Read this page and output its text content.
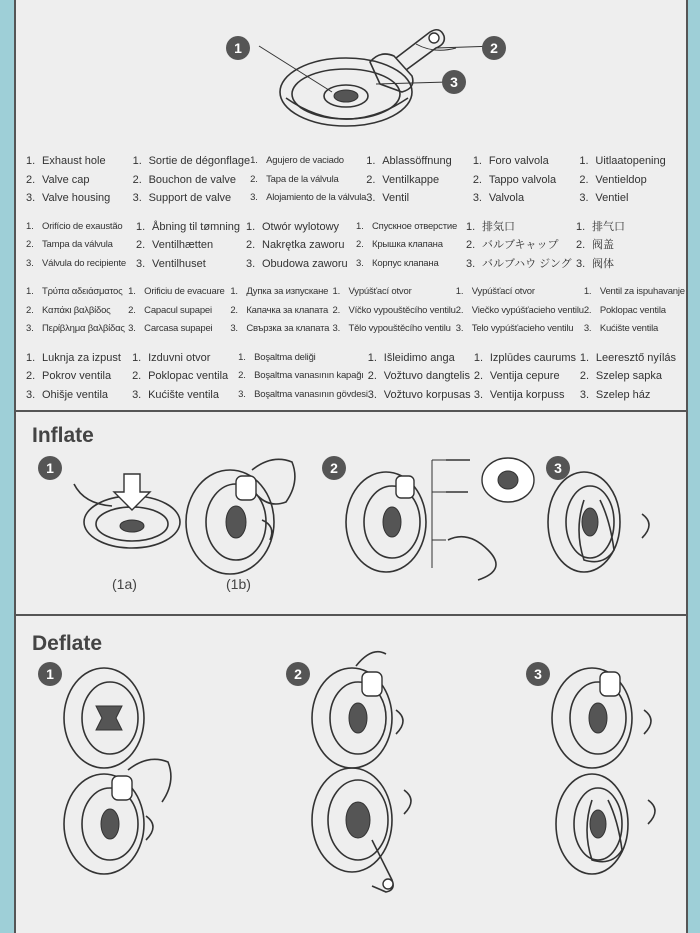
1	2
3
1. Exhaust hole
2. Valve cap
3. Valve housing
1. Sortie de dégonflage
2. Bouchon de valve
3. Support de valve
1. Agujero de vaciado
2. Tapa de la válvula
3. Alojamiento de la válvula
1. Ablassöffnung
2. Ventilkappe
3. Ventil
1. Foro valvola
2. Tappo valvola
3. Valvola
1. Uitlaatopening
2. Ventieldop
3. Ventiel
1. Orifício de exaustão
2. Tampa da válvula
3. Válvula do recipiente
1. Åbning til tømning
2. Ventilhætten
3. Ventilhuset
1. Otwór wylotowy
2. Nakrętka zaworu
3. Obudowa zaworu
1. Спускное отверстие
2. Крышка клапана
3. Корпус клапана
1. 排気口
2. バルブキャップ
3. バルブハウ ジング
1. 排气口
2. 阀盖
3. 阀体
1. Τρύπα αδειάσματος
2. Καπάκι βαλβίδος
3. Περίβλημα βαλβίδας
1. Orificiu de evacuare
2. Capacul supapei
3. Carcasa supapei
1. Дупка за изпускане
2. Капачка за клапата
3. Свързка за клапата
1. Vypúšťací otvor
2. Víčko vypouštěcího ventilu
3. Tělo vypouštěcího ventilu
1. Vypúšťací otvor
2. Viečko vypúšťacieho ventilu
3. Telo vypúšťacieho ventilu
1. Ventil za ispuhavanje
2. Poklopac ventila
3. Kućište ventila
1. Luknja za izpust
2. Pokrov ventila
3. Ohišje ventila
1. Izduvni otvor
2. Poklopac ventila
3. Kućište ventila
1. Boşaltma deliği
2. Boşaltma vanasının kapağı
3. Boşaltma vanasının gövdesi
1. Išleidimo anga
2. Vožtuvo dangtelis
3. Vožtuvo korpusas
1. Izplūdes caurums
2. Ventija cepure
3. Ventija korpuss
1. Leeresztő nyílás
2. Szelep sapka
3. Szelep ház
Inflate
1	2	3
(1a)	(1b)
Deflate
1	2	3
